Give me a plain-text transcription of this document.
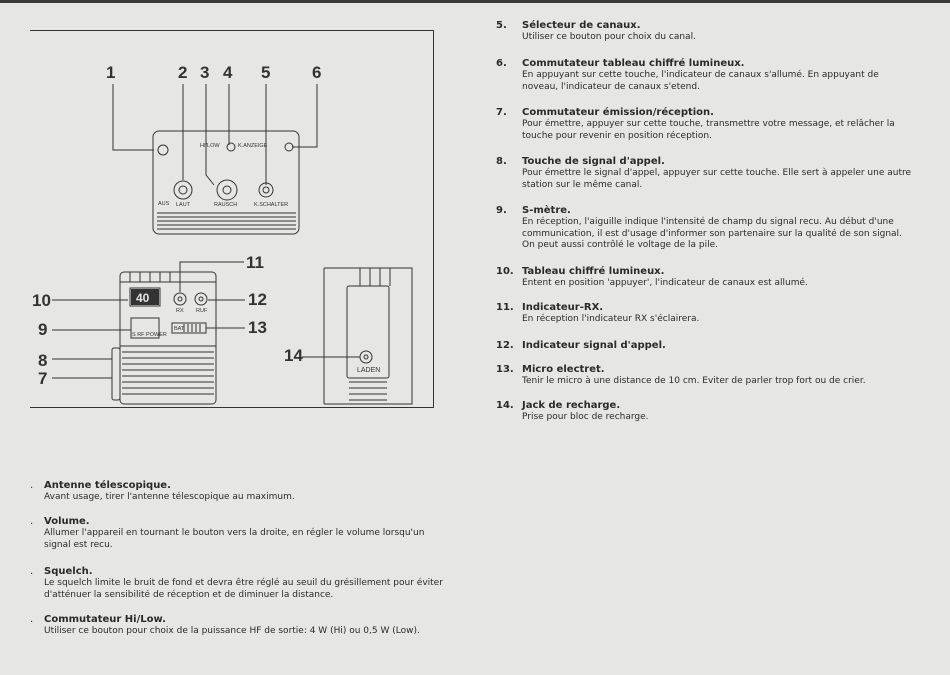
1	2 3 4 5 6
7
8
9
10
11
12
13
14
40
HI/LOW	K.ANZEIGE
LAUT	RAUSCH	K.SCHALTER
AUS
RX RUF
S RF POWER
BAT
LADEN
5. Sélecteur de canaux.
Utiliser ce bouton pour choix du canal.
6. Commutateur tableau chiffré lumineux.
En appuyant sur cette touche, l'indicateur de canaux s'allumé. En appuyant de noveau, l'indicateur de canaux s'etend.
7. Commutateur émission/réception.
Pour émettre, appuyer sur cette touche, transmettre votre message, et relâcher la touche pour revenir en position réception.
8. Touche de signal d'appel.
Pour émettre le signal d'appel, appuyer sur cette touche. Elle sert à appeler une autre station sur le même canal.
9. S-mètre.
En réception, l'aiguille indique l'intensité de champ du signal recu. Au début d'une communication, il est d'usage d'informer son partenaire sur la qualité de son signal. On peut aussi contrôlé le voltage de la pile.
10. Tableau chiffré lumineux.
Entent en position 'appuyer', l'indicateur de canaux est allumé.
11. Indicateur-RX.
En réception l'indicateur RX s'éclairera.
12. Indicateur signal d'appel.
13. Micro electret.
Tenir le micro à une distance de 10 cm. Eviter de parler trop fort ou de crier.
14. Jack de recharge.
Prise pour bloc de recharge.
. Antenne télescopique.
Avant usage, tirer l'antenne télescopique au maximum.
. Volume.
Allumer l'appareil en tournant le bouton vers la droite, en régler le volume lorsqu'un signal est recu.
. Squelch.
Le squelch limite le bruit de fond et devra être réglé au seuil du grésillement pour éviter d'atténuer la sensibilité de réception et de diminuer la distance.
. Commutateur Hi/Low.
Utiliser ce bouton pour choix de la puissance HF de sortie: 4 W (Hi) ou 0,5 W (Low).
